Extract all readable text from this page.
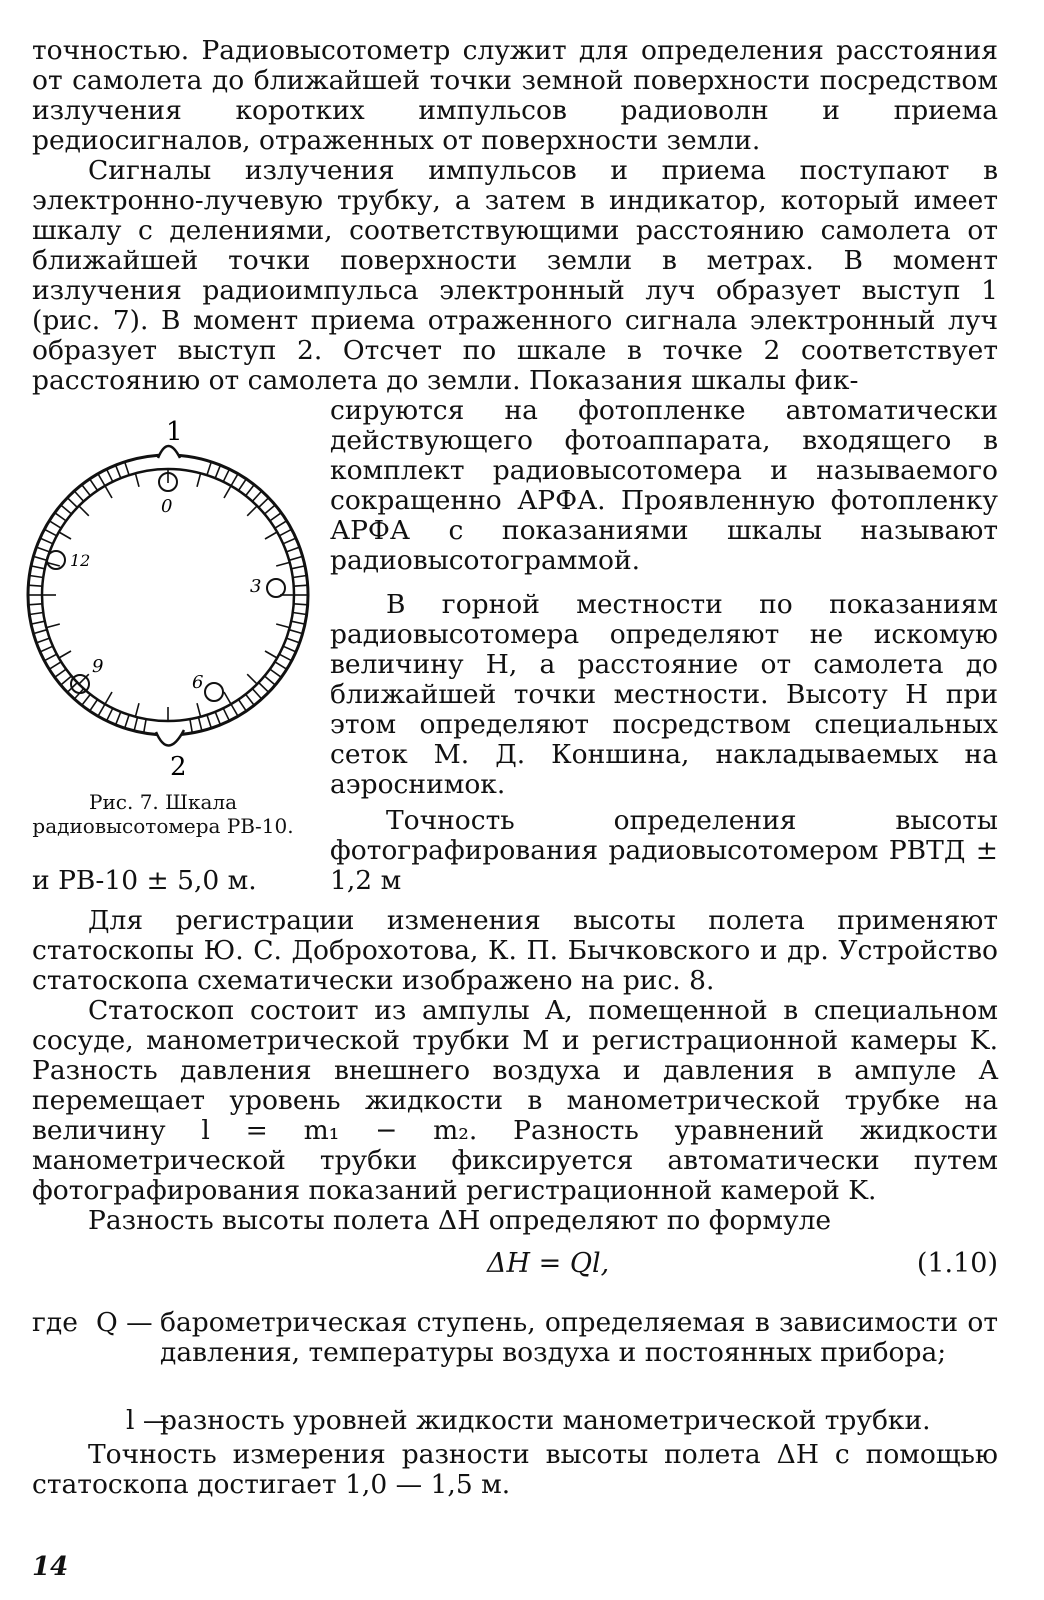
точностью. Радиовысотометр служит для определения расстояния от самолета до ближайшей точки земной поверхности посредством излучения коротких импульсов радиоволн и приема редиосигналов, отраженных от поверхности земли.

Сигналы излучения импульсов и приема поступают в электронно-лучевую трубку, а затем в индикатор, который имеет шкалу с делениями, соответствующими расстоянию самолета от ближайшей точки поверхности земли в метрах. В момент излучения радиоимпульса электронный луч образует выступ 1 (рис. 7). В момент приема отраженного сигнала электронный луч образует выступ 2. Отсчет по шкале в точке 2 соответствует расстоянию от самолета до земли. Показания шкалы фик-

сируются на фотопленке автоматически действующего фотоаппарата, входящего в комплект радиовысотомера и называемого сокращенно АРФА. Проявленную фотопленку АРФА с показаниями шкалы называют радиовысотограммой.

В горной местности по показаниям радиовысотомера определяют не искомую величину H, а расстояние от самолета до ближайшей точки местности. Высоту H при этом определяют посредством специальных сеток М. Д. Коншина, накладываемых на аэроснимок.

Точность определения высоты фотографирования радиовысотомером РВТД ± 1,2 м

и РВ-10 ± 5,0 м.

1
2
0
3
6
9
12

Рис. 7. Шкала радиовысотомера РВ-10.

Для регистрации изменения высоты полета применяют статоскопы Ю. С. Доброхотова, К. П. Бычковского и др. Устройство статоскопа схематически изображено на рис. 8.

Статоскоп состоит из ампулы A, помещенной в специальном сосуде, манометрической трубки M и регистрационной камеры K. Разность давления внешнего воздуха и давления в ампуле A перемещает уровень жидкости в манометрической трубке на величину l = m₁ − m₂. Разность уравнений жидкости манометрической трубки фиксируется автоматически путем фотографирования показаний регистрационной камерой K.

Разность высоты полета ΔH определяют по формуле

ΔH = Ql,	(1.10)
где Q — барометрическая ступень, определяемая в зависимости от давления, температуры воздуха и постоянных прибора;
l —
разность уровней жидкости манометрической трубки.

Точность измерения разности высоты полета ΔH с помощью статоскопа достигает 1,0 — 1,5 м.

14
